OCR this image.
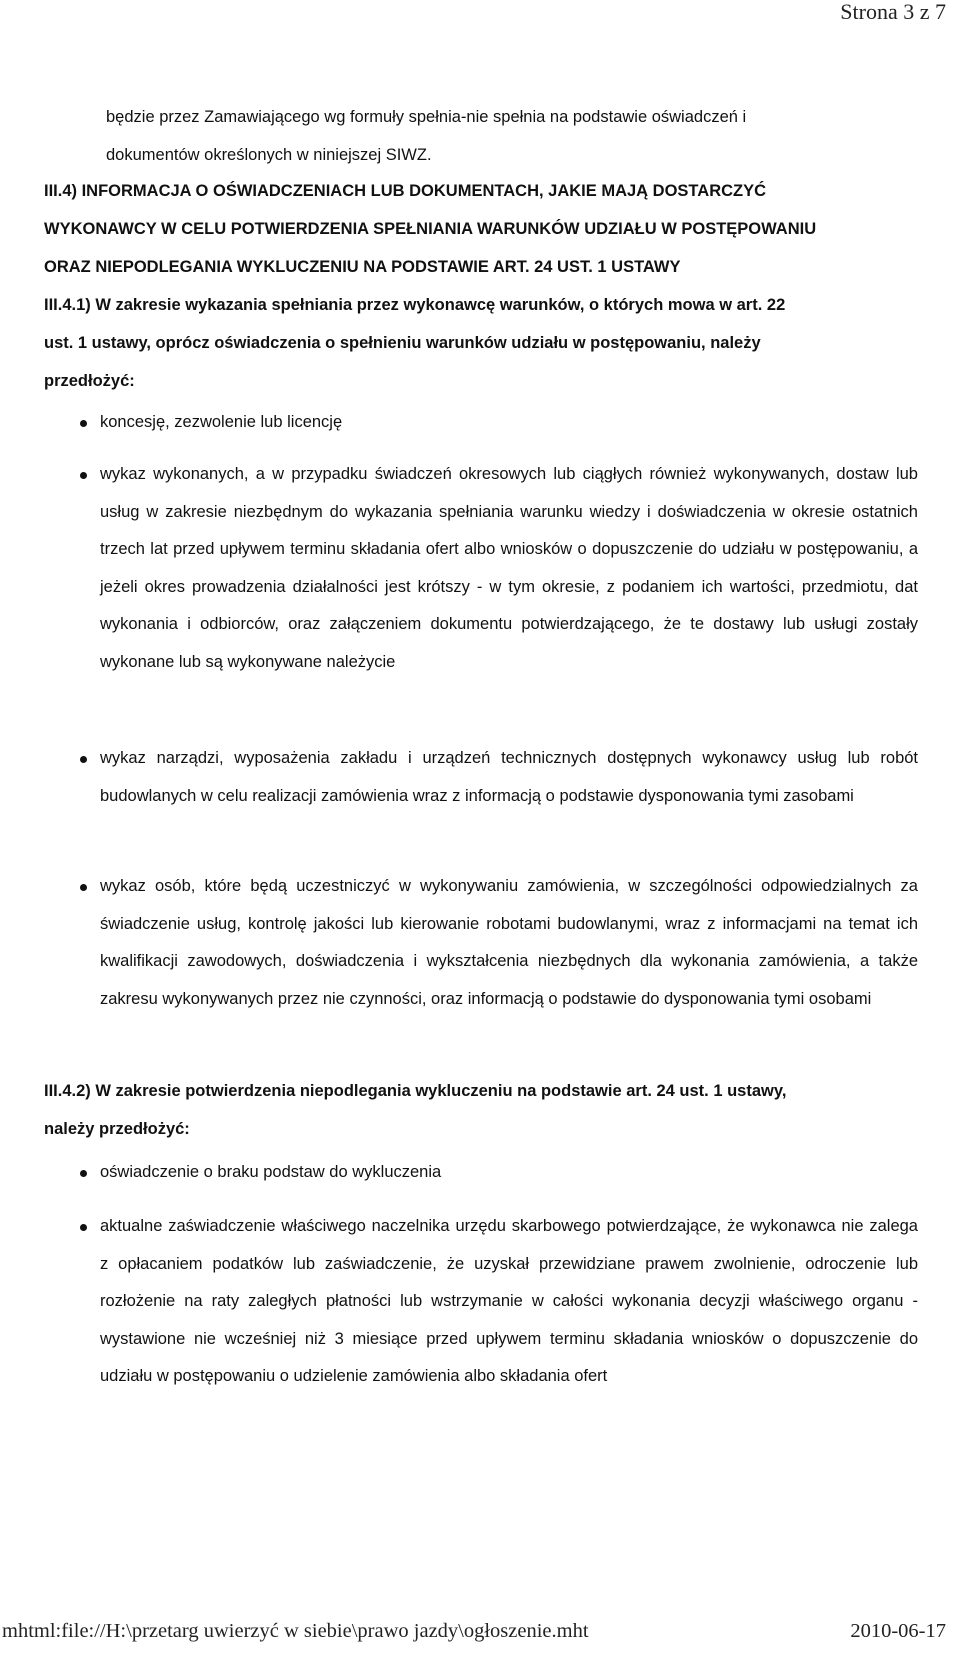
Strona 3 z 7
będzie przez Zamawiającego wg formuły spełnia-nie spełnia na podstawie oświadczeń i
dokumentów określonych w niniejszej SIWZ.
III.4) INFORMACJA O OŚWIADCZENIACH LUB DOKUMENTACH, JAKIE MAJĄ DOSTARCZYĆ
WYKONAWCY W CELU POTWIERDZENIA SPEŁNIANIA WARUNKÓW UDZIAŁU W POSTĘPOWANIU
ORAZ NIEPODLEGANIA WYKLUCZENIU NA PODSTAWIE ART. 24 UST. 1 USTAWY
III.4.1) W zakresie wykazania spełniania przez wykonawcę warunków, o których mowa w art. 22
ust. 1 ustawy, oprócz oświadczenia o spełnieniu warunków udziału w postępowaniu, należy
przedłożyć:
koncesję, zezwolenie lub licencję
wykaz wykonanych, a w przypadku świadczeń okresowych lub ciągłych również wykonywanych, dostaw lub usług w zakresie niezbędnym do wykazania spełniania warunku wiedzy i doświadczenia w okresie ostatnich trzech lat przed upływem terminu składania ofert albo wniosków o dopuszczenie do udziału w postępowaniu, a jeżeli okres prowadzenia działalności jest krótszy - w tym okresie, z podaniem ich wartości, przedmiotu, dat wykonania i odbiorców, oraz załączeniem dokumentu potwierdzającego, że te dostawy lub usługi zostały wykonane lub są wykonywane należycie
wykaz narządzi, wyposażenia zakładu i urządzeń technicznych dostępnych wykonawcy usług lub robót budowlanych w celu realizacji zamówienia wraz z informacją o podstawie dysponowania tymi zasobami
wykaz osób, które będą uczestniczyć w wykonywaniu zamówienia, w szczególności odpowiedzialnych za świadczenie usług, kontrolę jakości lub kierowanie robotami budowlanymi, wraz z informacjami na temat ich kwalifikacji zawodowych, doświadczenia i wykształcenia niezbędnych dla wykonania zamówienia, a także zakresu wykonywanych przez nie czynności, oraz informacją o podstawie do dysponowania tymi osobami
III.4.2) W zakresie potwierdzenia niepodlegania wykluczeniu na podstawie art. 24 ust. 1 ustawy,
należy przedłożyć:
oświadczenie o braku podstaw do wykluczenia
aktualne zaświadczenie właściwego naczelnika urzędu skarbowego potwierdzające, że wykonawca nie zalega z opłacaniem podatków lub zaświadczenie, że uzyskał przewidziane prawem zwolnienie, odroczenie lub rozłożenie na raty zaległych płatności lub wstrzymanie w całości wykonania decyzji właściwego organu - wystawione nie wcześniej niż 3 miesiące przed upływem terminu składania wniosków o dopuszczenie do udziału w postępowaniu o udzielenie zamówienia albo składania ofert
mhtml:file://H:\przetarg uwierzyć w siebie\prawo jazdy\ogłoszenie.mht	2010-06-17
